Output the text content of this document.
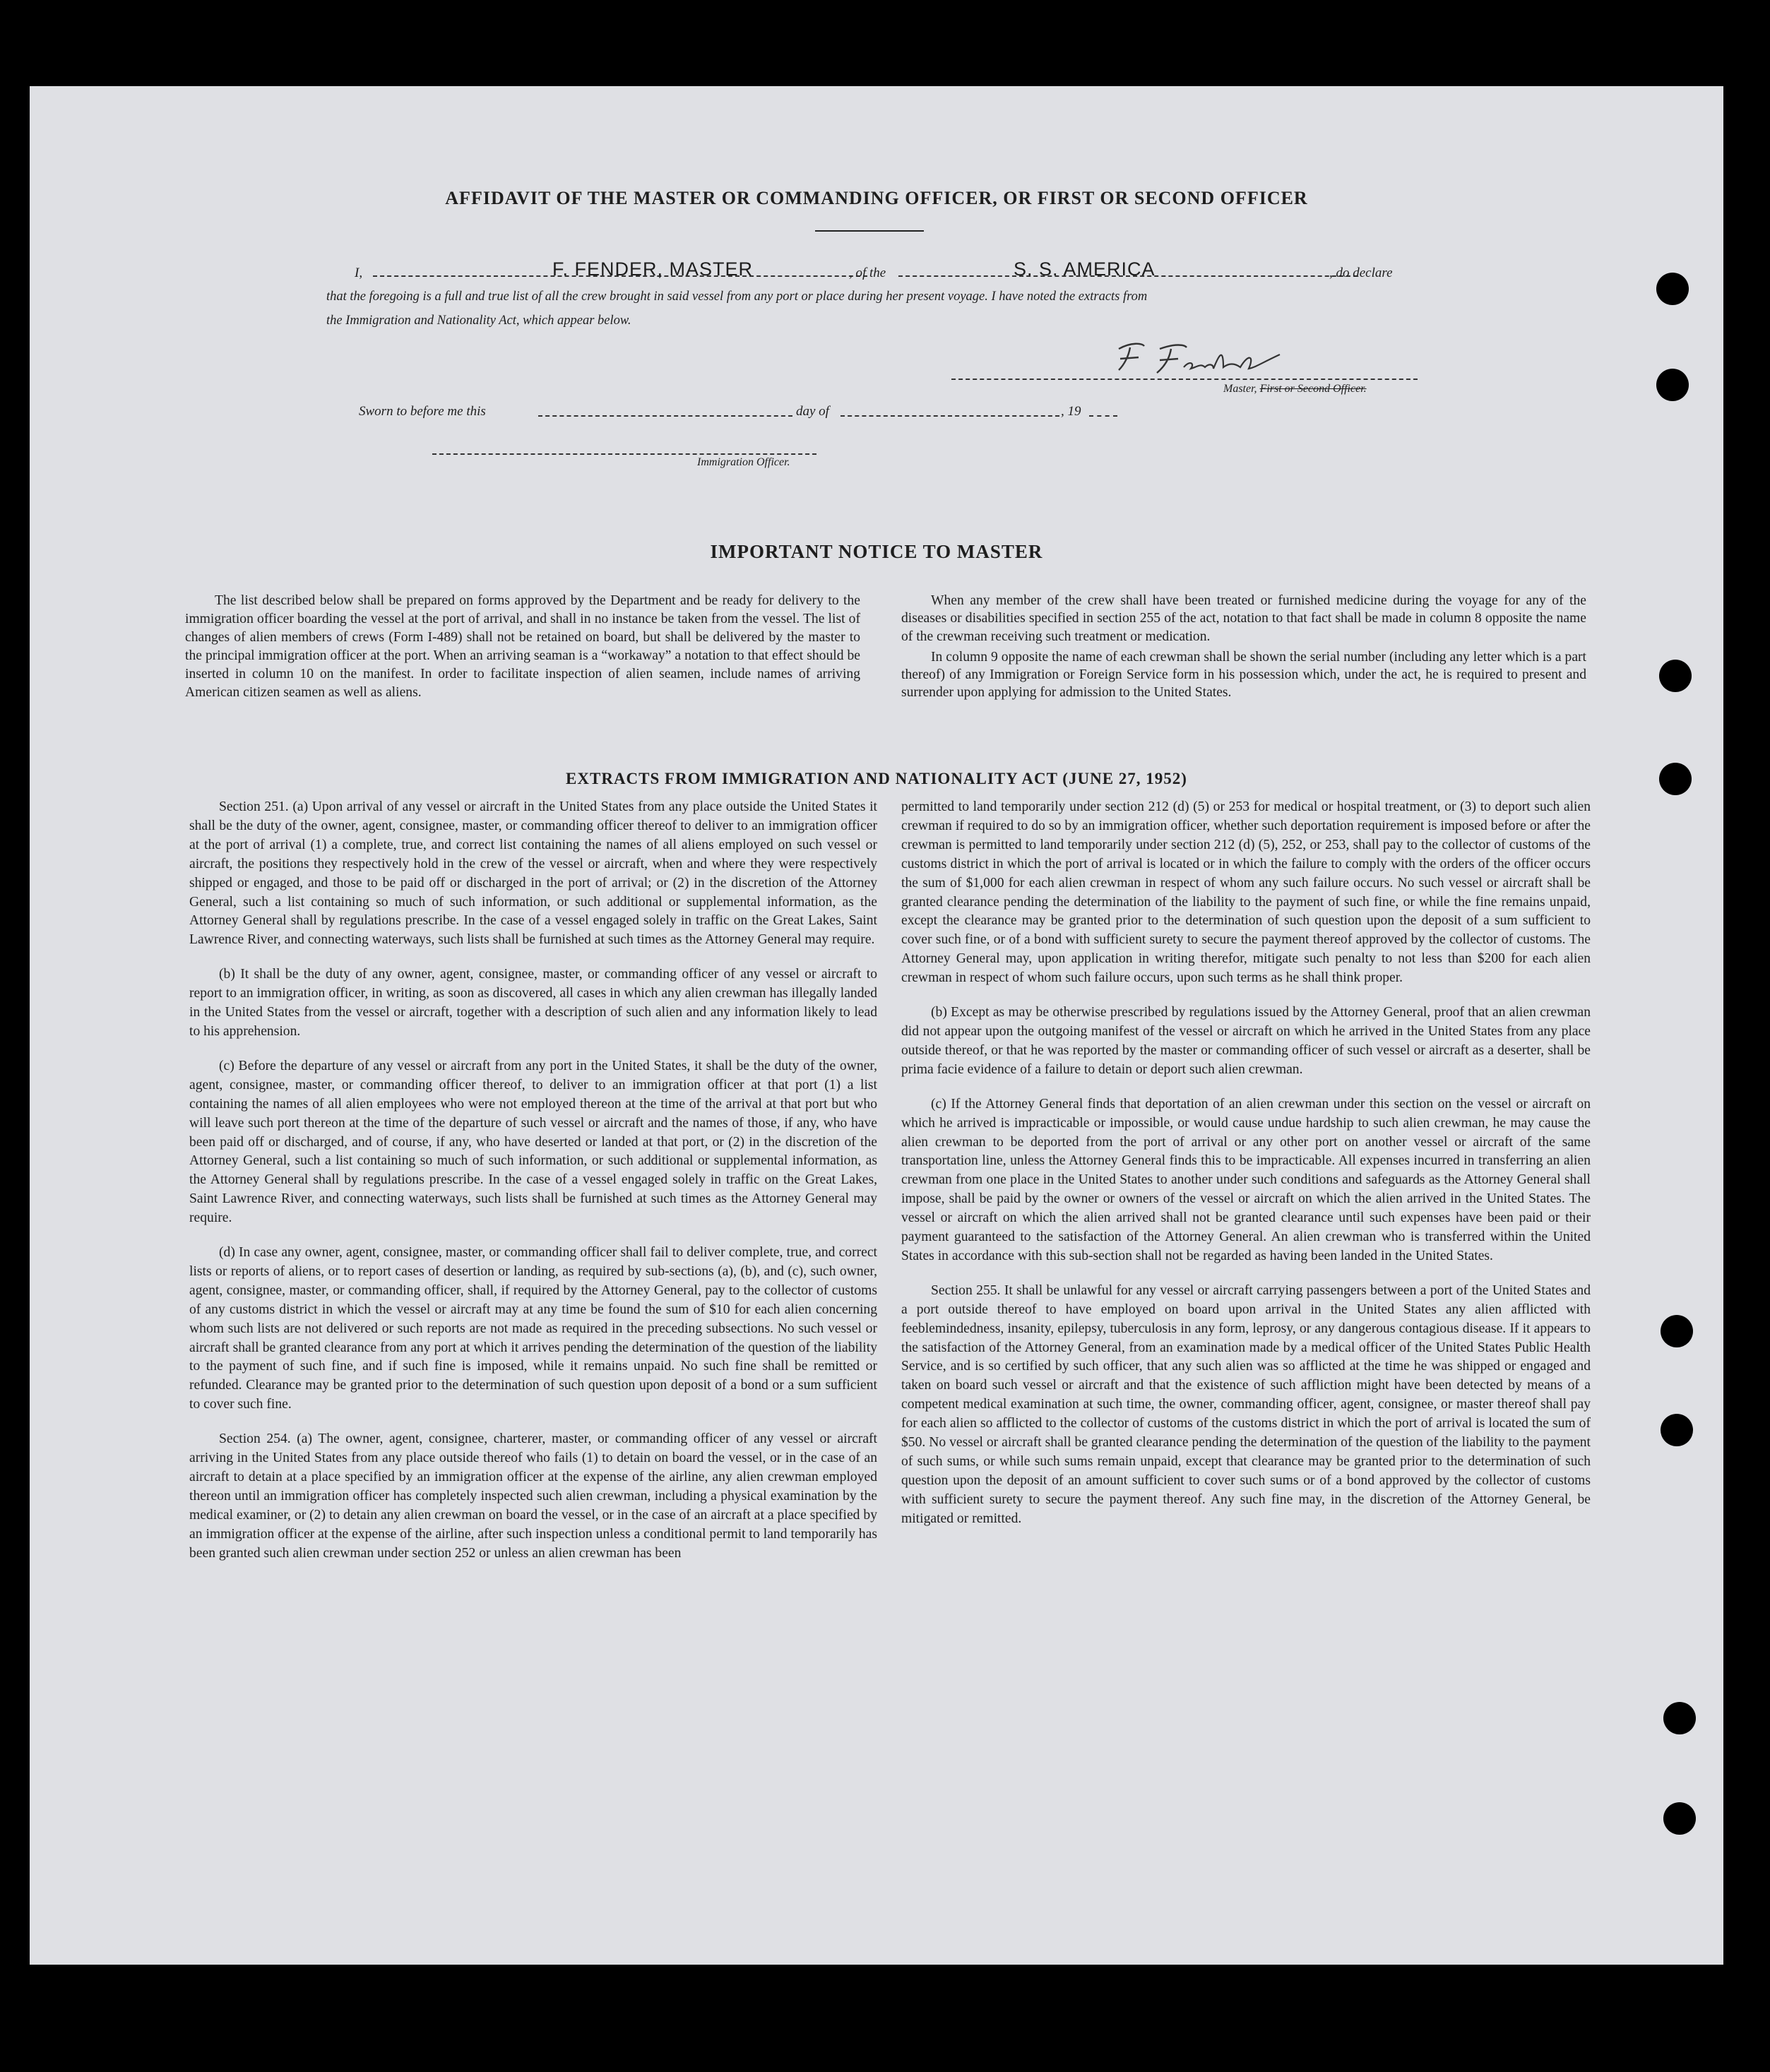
AFFIDAVIT OF THE MASTER OR COMMANDING OFFICER, OR FIRST OR SECOND OFFICER
I,	F. FENDER, MASTER	, of the	S. S. AMERICA	, do declare
that the foregoing is a full and true list of all the crew brought in said vessel from any port or place during her present voyage. I have noted the extracts from
the Immigration and Nationality Act, which appear below.
Master, First or Second Officer.
Sworn to before me this	day of	, 19
Immigration Officer.
IMPORTANT NOTICE TO MASTER

The list described below shall be prepared on forms approved by the Department and be ready for delivery to the immigration officer boarding the vessel at the port of arrival, and shall in no instance be taken from the vessel. The list of changes of alien members of crews (Form I-489) shall not be retained on board, but shall be delivered by the master to the principal immigration officer at the port. When an arriving seaman is a “workaway” a notation to that effect should be inserted in column 10 on the manifest. In order to facilitate inspection of alien seamen, include names of arriving American citizen seamen as well as aliens.

When any member of the crew shall have been treated or furnished medicine during the voyage for any of the diseases or disabilities specified in section 255 of the act, notation to that fact shall be made in column 8 opposite the name of the crewman receiving such treatment or medication.

In column 9 opposite the name of each crewman shall be shown the serial number (including any letter which is a part thereof) of any Immigration or Foreign Service form in his possession which, under the act, he is required to present and surrender upon applying for admission to the United States.

EXTRACTS FROM IMMIGRATION AND NATIONALITY ACT (JUNE 27, 1952)

Section 251. (a) Upon arrival of any vessel or aircraft in the United States from any place outside the United States it shall be the duty of the owner, agent, consignee, master, or commanding officer thereof to deliver to an immigration officer at the port of arrival (1) a complete, true, and correct list containing the names of all aliens employed on such vessel or aircraft, the positions they respectively hold in the crew of the vessel or aircraft, when and where they were respectively shipped or engaged, and those to be paid off or discharged in the port of arrival; or (2) in the discretion of the Attorney General, such a list containing so much of such information, or such additional or supplemental information, as the Attorney General shall by regulations prescribe. In the case of a vessel engaged solely in traffic on the Great Lakes, Saint Lawrence River, and connecting waterways, such lists shall be furnished at such times as the Attorney General may require.

(b) It shall be the duty of any owner, agent, consignee, master, or commanding officer of any vessel or aircraft to report to an immigration officer, in writing, as soon as discovered, all cases in which any alien crewman has illegally landed in the United States from the vessel or aircraft, together with a description of such alien and any information likely to lead to his apprehension.

(c) Before the departure of any vessel or aircraft from any port in the United States, it shall be the duty of the owner, agent, consignee, master, or commanding officer thereof, to deliver to an immigration officer at that port (1) a list containing the names of all alien employees who were not employed thereon at the time of the arrival at that port but who will leave such port thereon at the time of the departure of such vessel or aircraft and the names of those, if any, who have been paid off or discharged, and of course, if any, who have deserted or landed at that port, or (2) in the discretion of the Attorney General, such a list containing so much of such information, or such additional or supplemental information, as the Attorney General shall by regulations prescribe. In the case of a vessel engaged solely in traffic on the Great Lakes, Saint Lawrence River, and connecting waterways, such lists shall be furnished at such times as the Attorney General may require.

(d) In case any owner, agent, consignee, master, or commanding officer shall fail to deliver complete, true, and correct lists or reports of aliens, or to report cases of desertion or landing, as required by sub-sections (a), (b), and (c), such owner, agent, consignee, master, or commanding officer, shall, if required by the Attorney General, pay to the collector of customs of any customs district in which the vessel or aircraft may at any time be found the sum of $10 for each alien concerning whom such lists are not delivered or such reports are not made as required in the preceding subsections. No such vessel or aircraft shall be granted clearance from any port at which it arrives pending the determination of the question of the liability to the payment of such fine, and if such fine is imposed, while it remains unpaid. No such fine shall be remitted or refunded. Clearance may be granted prior to the determination of such question upon deposit of a bond or a sum sufficient to cover such fine.

Section 254. (a) The owner, agent, consignee, charterer, master, or commanding officer of any vessel or aircraft arriving in the United States from any place outside thereof who fails (1) to detain on board the vessel, or in the case of an aircraft to detain at a place specified by an immigration officer at the expense of the airline, any alien crewman employed thereon until an immigration officer has completely inspected such alien crewman, including a physical examination by the medical examiner, or (2) to detain any alien crewman on board the vessel, or in the case of an aircraft at a place specified by an immigration officer at the expense of the airline, after such inspection unless a conditional permit to land temporarily has been granted such alien crewman under section 252 or unless an alien crewman has been

permitted to land temporarily under section 212 (d) (5) or 253 for medical or hospital treatment, or (3) to deport such alien crewman if required to do so by an immigration officer, whether such deportation requirement is imposed before or after the crewman is permitted to land temporarily under section 212 (d) (5), 252, or 253, shall pay to the collector of customs of the customs district in which the port of arrival is located or in which the failure to comply with the orders of the officer occurs the sum of $1,000 for each alien crewman in respect of whom any such failure occurs. No such vessel or aircraft shall be granted clearance pending the determination of the liability to the payment of such fine, or while the fine remains unpaid, except the clearance may be granted prior to the determination of such question upon the deposit of a sum sufficient to cover such fine, or of a bond with sufficient surety to secure the payment thereof approved by the collector of customs. The Attorney General may, upon application in writing therefor, mitigate such penalty to not less than $200 for each alien crewman in respect of whom such failure occurs, upon such terms as he shall think proper.

(b) Except as may be otherwise prescribed by regulations issued by the Attorney General, proof that an alien crewman did not appear upon the outgoing manifest of the vessel or aircraft on which he arrived in the United States from any place outside thereof, or that he was reported by the master or commanding officer of such vessel or aircraft as a deserter, shall be prima facie evidence of a failure to detain or deport such alien crewman.

(c) If the Attorney General finds that deportation of an alien crewman under this section on the vessel or aircraft on which he arrived is impracticable or impossible, or would cause undue hardship to such alien crewman, he may cause the alien crewman to be deported from the port of arrival or any other port on another vessel or aircraft of the same transportation line, unless the Attorney General finds this to be impracticable. All expenses incurred in transferring an alien crewman from one place in the United States to another under such conditions and safeguards as the Attorney General shall impose, shall be paid by the owner or owners of the vessel or aircraft on which the alien arrived in the United States. The vessel or aircraft on which the alien arrived shall not be granted clearance until such expenses have been paid or their payment guaranteed to the satisfaction of the Attorney General. An alien crewman who is transferred within the United States in accordance with this sub-section shall not be regarded as having been landed in the United States.

Section 255. It shall be unlawful for any vessel or aircraft carrying passengers between a port of the United States and a port outside thereof to have employed on board upon arrival in the United States any alien afflicted with feeblemindedness, insanity, epilepsy, tuberculosis in any form, leprosy, or any dangerous contagious disease. If it appears to the satisfaction of the Attorney General, from an examination made by a medical officer of the United States Public Health Service, and is so certified by such officer, that any such alien was so afflicted at the time he was shipped or engaged and taken on board such vessel or aircraft and that the existence of such affliction might have been detected by means of a competent medical examination at such time, the owner, commanding officer, agent, consignee, or master thereof shall pay for each alien so afflicted to the collector of customs of the customs district in which the port of arrival is located the sum of $50. No vessel or aircraft shall be granted clearance pending the determination of the question of the liability to the payment of such sums, or while such sums remain unpaid, except that clearance may be granted prior to the determination of such question upon the deposit of an amount sufficient to cover such sums or of a bond approved by the collector of customs with sufficient surety to secure the payment thereof. Any such fine may, in the discretion of the Attorney General, be mitigated or remitted.
